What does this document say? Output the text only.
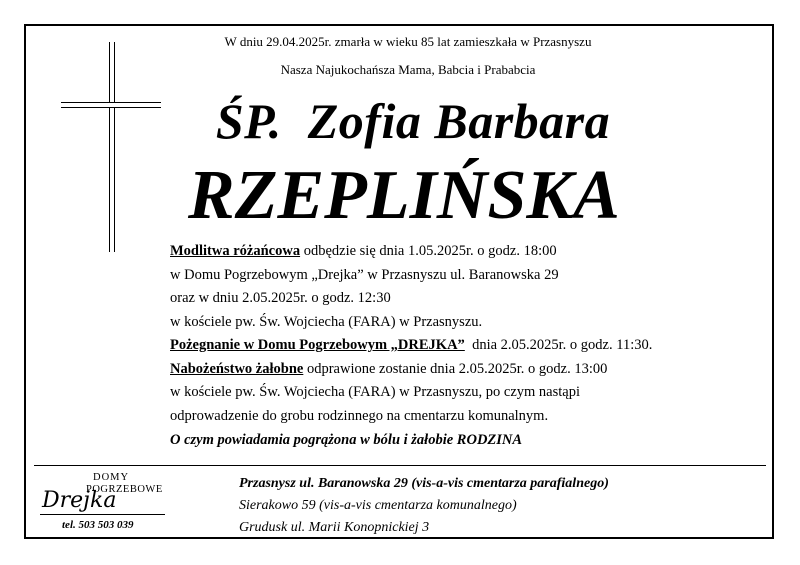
W dniu 29.04.2025r. zmarła w wieku 85 lat zamieszkała w Przasnyszu
Nasza Najukochańsza Mama, Babcia i Prababcia
ŚP.  Zofia Barbara
RZEPLIŃSKA
Modlitwa różańcowa odbędzie się dnia 1.05.2025r. o godz. 18:00
w Domu Pogrzebowym „Drejka” w Przasnyszu ul. Baranowska 29
oraz w dniu 2.05.2025r. o godz. 12:30
w kościele pw. Św. Wojciecha (FARA) w Przasnyszu.
Pożegnanie w Domu Pogrzebowym „DREJKA”  dnia 2.05.2025r. o godz. 11:30.
Nabożeństwo żałobne odprawione zostanie dnia 2.05.2025r. o godz. 13:00
w kościele pw. Św. Wojciecha (FARA) w Przasnyszu, po czym nastąpi
odprowadzenie do grobu rodzinnego na cmentarzu komunalnym.
O czym powiadamia pogrążona w bólu i żałobie RODZINA
DOMY
POGRZEBOWE
Drejka
tel. 503 503 039
Przasnysz ul. Baranowska 29 (vis-a-vis cmentarza parafialnego)
Sierakowo 59 (vis-a-vis cmentarza komunalnego)
Grudusk ul. Marii Konopnickiej 3
